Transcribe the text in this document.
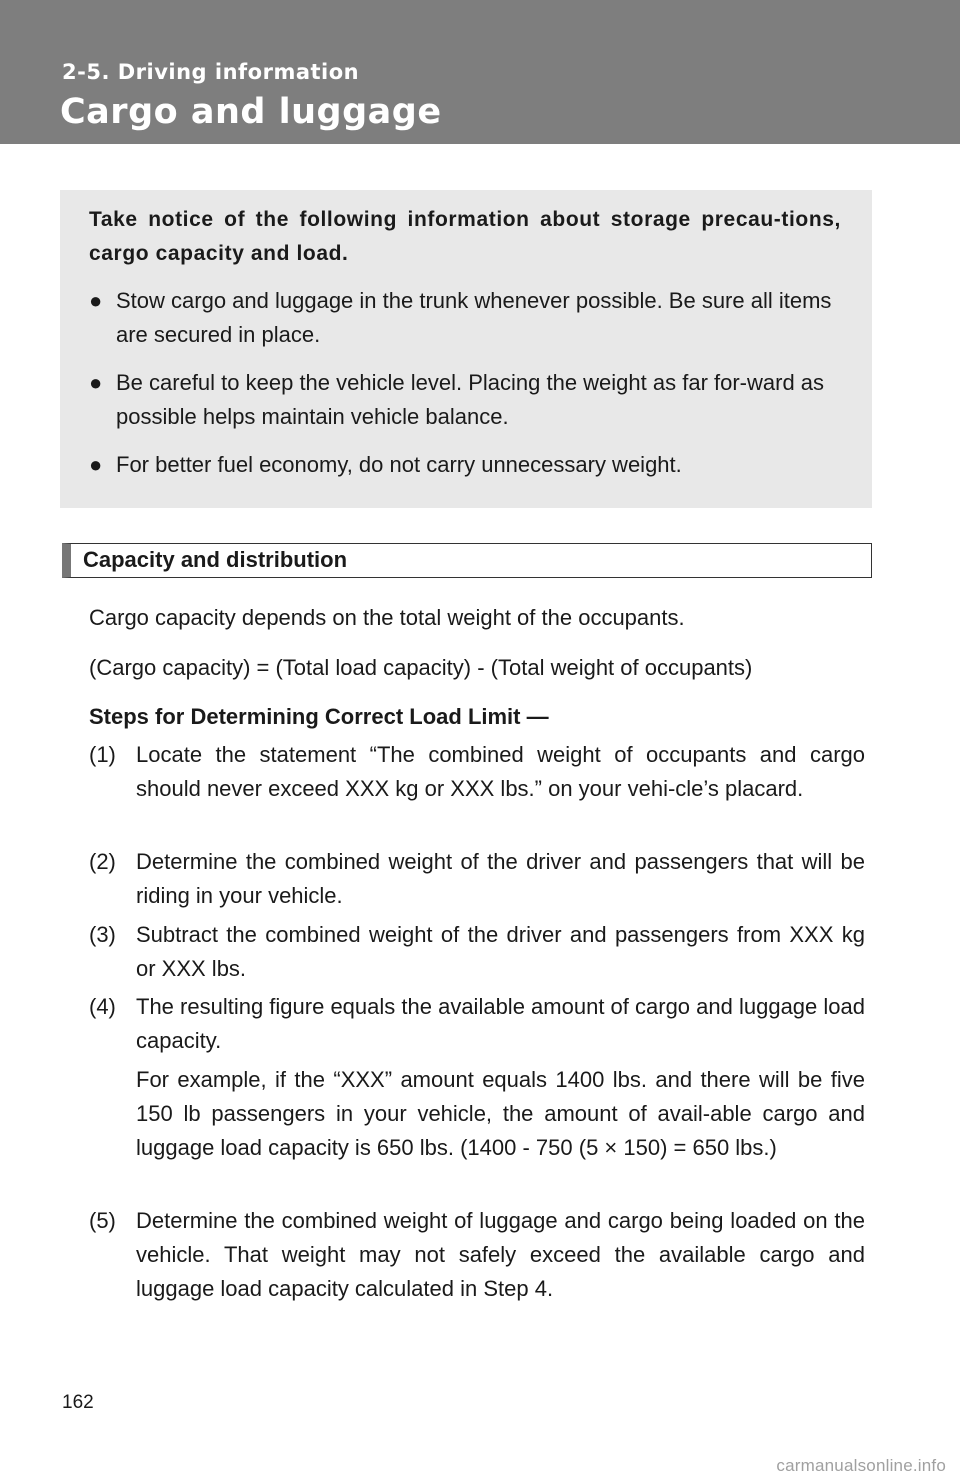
2-5. Driving information
Cargo and luggage
Take notice of the following information about storage precau-tions, cargo capacity and load.
● Stow cargo and luggage in the trunk whenever possible. Be sure all items are secured in place.
● Be careful to keep the vehicle level. Placing the weight as far for-ward as possible helps maintain vehicle balance.
● For better fuel economy, do not carry unnecessary weight.
Capacity and distribution
Cargo capacity depends on the total weight of the occupants.
(Cargo capacity) = (Total load capacity) - (Total weight of occupants)
Steps for Determining Correct Load Limit —
(1) Locate the statement “The combined weight of occupants and cargo should never exceed XXX kg or XXX lbs.” on your vehi-cle’s placard.
(2) Determine the combined weight of the driver and passengers that will be riding in your vehicle.
(3) Subtract the combined weight of the driver and passengers from XXX kg or XXX lbs.
(4) The resulting figure equals the available amount of cargo and luggage load capacity.
For example, if the “XXX” amount equals 1400 lbs. and there will be five 150 lb passengers in your vehicle, the amount of avail-able cargo and luggage load capacity is 650 lbs. (1400 - 750 (5 × 150) = 650 lbs.)
(5) Determine the combined weight of luggage and cargo being loaded on the vehicle. That weight may not safely exceed the available cargo and luggage load capacity calculated in Step 4.
162
carmanualsonline.info
